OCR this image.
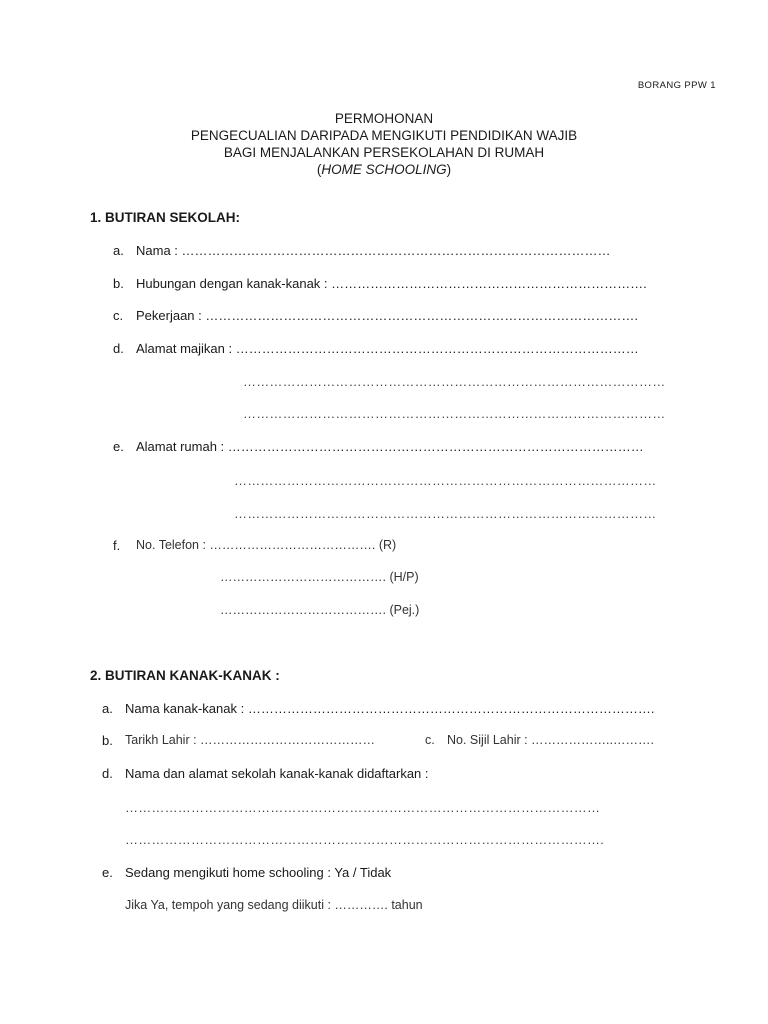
BORANG PPW 1
PERMOHONAN
PENGECUALIAN DARIPADA MENGIKUTI PENDIDIKAN WAJIB
BAGI MENJALANKAN PERSEKOLAHAN DI RUMAH
(HOME SCHOOLING)
1. BUTIRAN SEKOLAH:
a. Nama : ………………………………………………………………………………………
b. Hubungan dengan kanak-kanak : ……………………………………………………………….
c. Pekerjaan : ……………………………………………………………………………………….
d. Alamat majikan : …………………………………………………………………………………
……………………………………………………………………………………
……………………………………………………………………………………
e. Alamat rumah : ……………………………………………………………………………………
……………………………………………………………………………………
……………………………………………………………………………………
f. No. Telefon : …………………………………. (R)
…………………………………. (H/P)
…………………………………. (Pej.)
2. BUTIRAN KANAK-KANAK :
a. Nama kanak-kanak : ………………………………………………………………………………….
b. Tarikh Lahir : ……………………………………	c. No. Sijil Lahir : ………………..……….
d. Nama dan alamat sekolah kanak-kanak didaftarkan :
………………………………………………………………………………………………
……………………………………………………………………………………………….
e. Sedang mengikuti home schooling : Ya / Tidak
Jika Ya, tempoh yang sedang diikuti : …………. tahun
